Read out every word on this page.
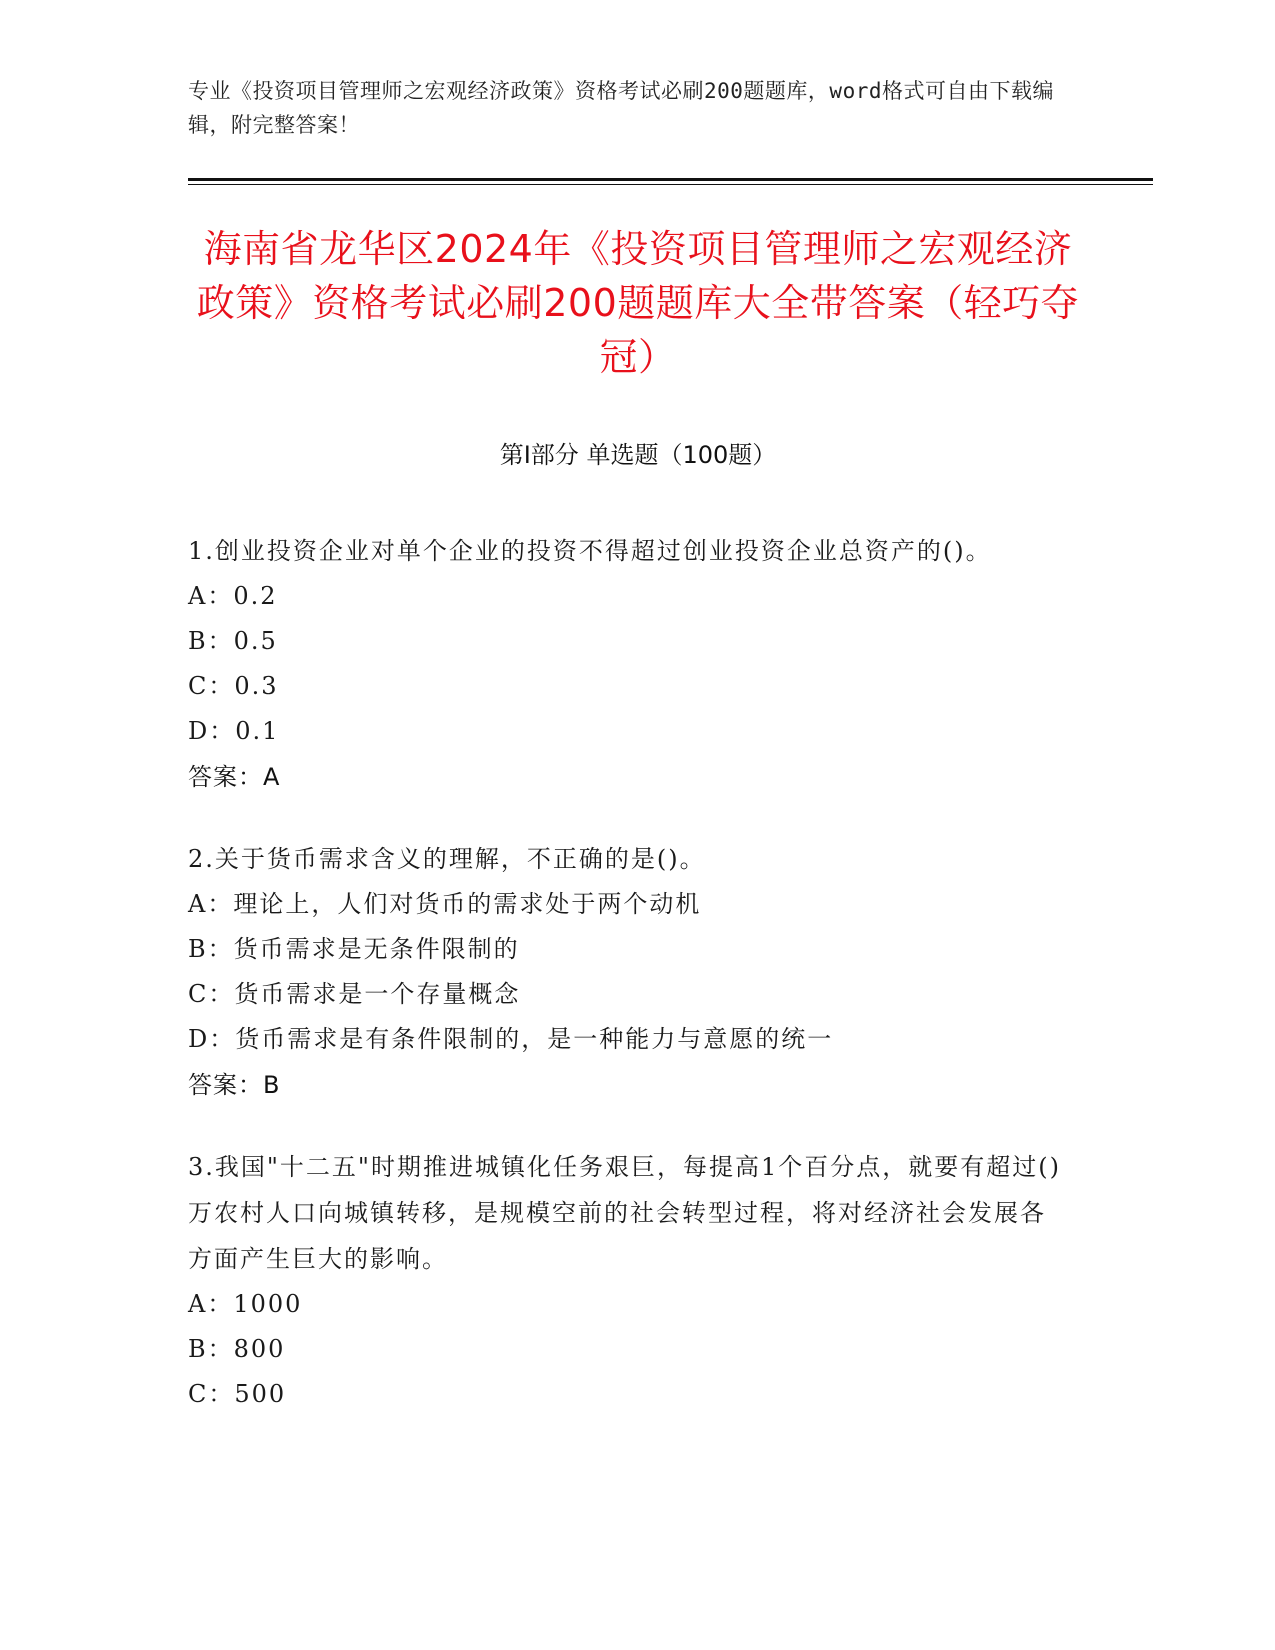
专业《投资项目管理师之宏观经济政策》资格考试必刷200题题库，word格式可自由下载编辑，附完整答案！
海南省龙华区2024年《投资项目管理师之宏观经济政策》资格考试必刷200题题库大全带答案（轻巧夺冠）
第Ⅰ部分 单选题（100题）
1.创业投资企业对单个企业的投资不得超过创业投资企业总资产的()。
A：0.2
B：0.5
C：0.3
D：0.1
答案：A
2.关于货币需求含义的理解，不正确的是()。
A：理论上，人们对货币的需求处于两个动机
B：货币需求是无条件限制的
C：货币需求是一个存量概念
D：货币需求是有条件限制的，是一种能力与意愿的统一
答案：B
3.我国"十二五"时期推进城镇化任务艰巨，每提高1个百分点，就要有超过()万农村人口向城镇转移，是规模空前的社会转型过程，将对经济社会发展各方面产生巨大的影响。
A：1000
B：800
C：500
